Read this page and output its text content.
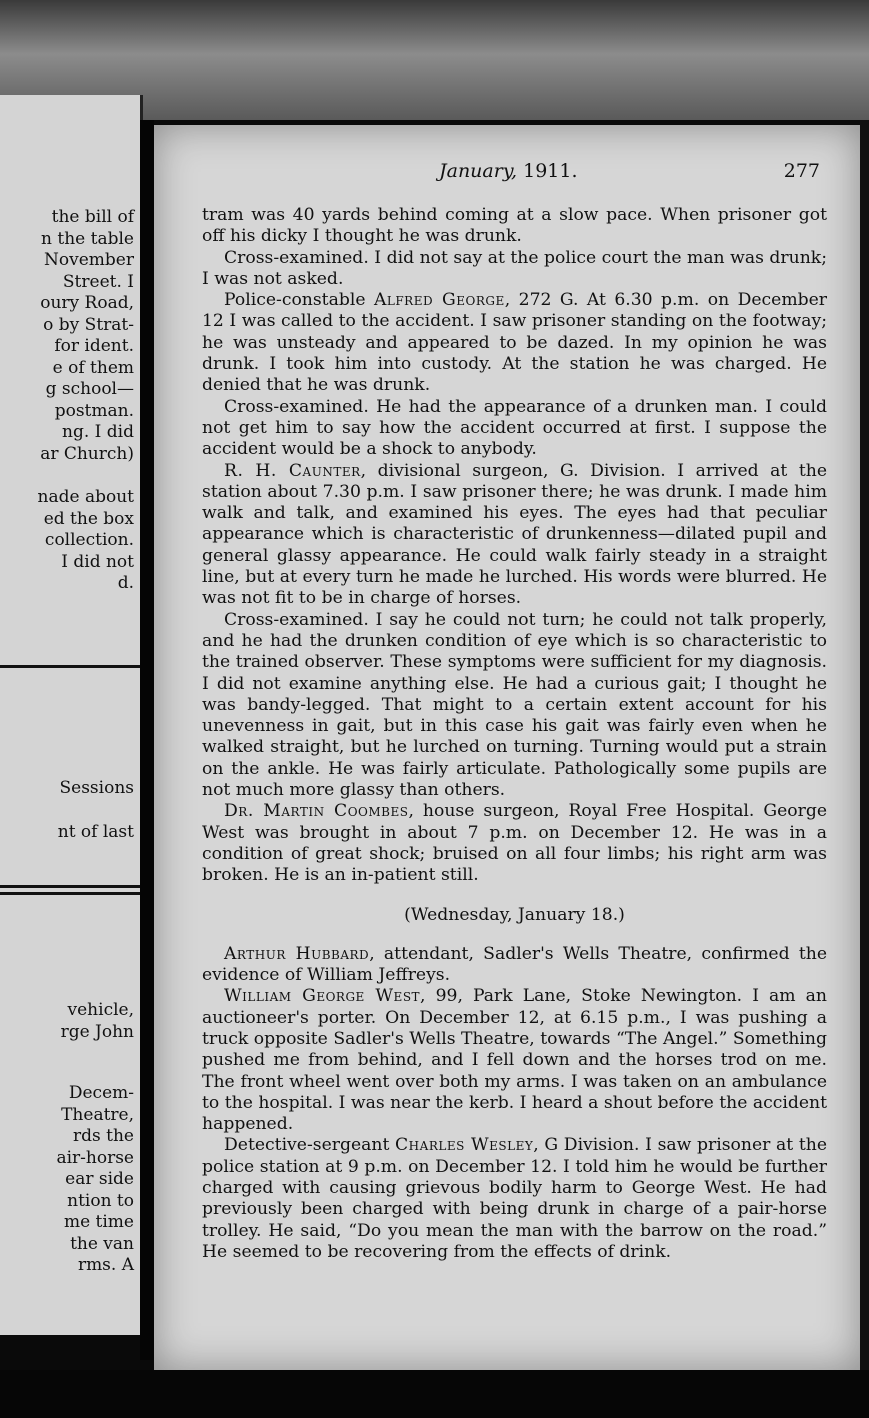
the bill of
n the table
November
Street. I
oury Road,
o by Strat-
for ident.
e of them
g school—
postman.
ng. I did
ar Church)
nade about
ed the box
collection.
I did not
d.
Sessions
nt of last
vehicle,
rge John
Decem-
Theatre,
rds the
air-horse
ear side
ntion to
me time
the van
rms. A
January, 1911.	277

tram was 40 yards behind coming at a slow pace. When prisoner got off his dicky I thought he was drunk.

Cross-examined. I did not say at the police court the man was drunk; I was not asked.

Police-constable Alfred George, 272 G. At 6.30 p.m. on December 12 I was called to the accident. I saw prisoner standing on the footway; he was unsteady and appeared to be dazed. In my opinion he was drunk. I took him into custody. At the station he was charged. He denied that he was drunk.

Cross-examined. He had the appearance of a drunken man. I could not get him to say how the accident occurred at first. I suppose the accident would be a shock to anybody.

R. H. Caunter, divisional surgeon, G. Division. I arrived at the station about 7.30 p.m. I saw prisoner there; he was drunk. I made him walk and talk, and examined his eyes. The eyes had that peculiar appearance which is characteristic of drunkenness—dilated pupil and general glassy appearance. He could walk fairly steady in a straight line, but at every turn he made he lurched. His words were blurred. He was not fit to be in charge of horses.

Cross-examined. I say he could not turn; he could not talk properly, and he had the drunken condition of eye which is so characteristic to the trained observer. These symptoms were sufficient for my diagnosis. I did not examine anything else. He had a curious gait; I thought he was bandy-legged. That might to a certain extent account for his unevenness in gait, but in this case his gait was fairly even when he walked straight, but he lurched on turning. Turning would put a strain on the ankle. He was fairly articulate. Pathologically some pupils are not much more glassy than others.

Dr. Martin Coombes, house surgeon, Royal Free Hospital. George West was brought in about 7 p.m. on December 12. He was in a condition of great shock; bruised on all four limbs; his right arm was broken. He is an in-patient still.

(Wednesday, January 18.)

Arthur Hubbard, attendant, Sadler's Wells Theatre, confirmed the evidence of William Jeffreys.

William George West, 99, Park Lane, Stoke Newington. I am an auctioneer's porter. On December 12, at 6.15 p.m., I was pushing a truck opposite Sadler's Wells Theatre, towards “The Angel.” Something pushed me from behind, and I fell down and the horses trod on me. The front wheel went over both my arms. I was taken on an ambulance to the hospital. I was near the kerb. I heard a shout before the accident happened.

Detective-sergeant Charles Wesley, G Division. I saw prisoner at the police station at 9 p.m. on December 12. I told him he would be further charged with causing grievous bodily harm to George West. He had previously been charged with being drunk in charge of a pair-horse trolley. He said, “Do you mean the man with the barrow on the road.” He seemed to be recovering from the effects of drink.
